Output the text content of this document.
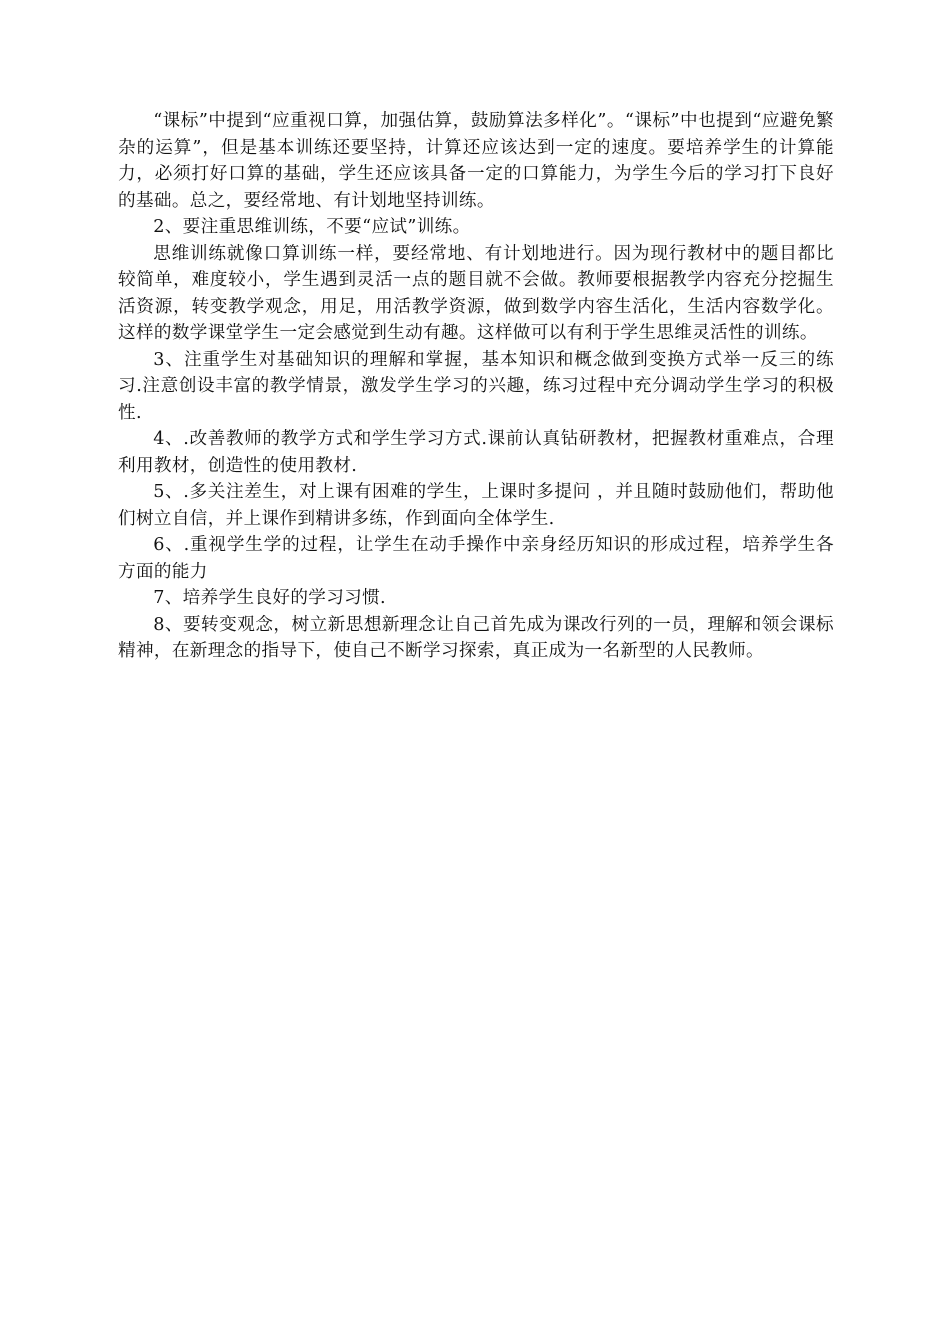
“课标”中提到“应重视口算，加强估算，鼓励算法多样化”。“课标”中也提到“应避免繁杂的运算”，但是基本训练还要坚持，计算还应该达到一定的速度。要培养学生的计算能力，必须打好口算的基础，学生还应该具备一定的口算能力，为学生今后的学习打下良好的基础。总之，要经常地、有计划地坚持训练。

2、要注重思维训练，不要“应试”训练。

思维训练就像口算训练一样，要经常地、有计划地进行。因为现行教材中的题目都比较简单，难度较小，学生遇到灵活一点的题目就不会做。教师要根据教学内容充分挖掘生活资源，转变教学观念，用足，用活教学资源，做到数学内容生活化，生活内容数学化。这样的数学课堂学生一定会感觉到生动有趣。这样做可以有利于学生思维灵活性的训练。

3、注重学生对基础知识的理解和掌握，基本知识和概念做到变换方式举一反三的练习.注意创设丰富的教学情景，激发学生学习的兴趣，练习过程中充分调动学生学习的积极性.

4、.改善教师的教学方式和学生学习方式.课前认真钻研教材，把握教材重难点，合理利用教材，创造性的使用教材.

5、.多关注差生，对上课有困难的学生，上课时多提问 ，并且随时鼓励他们，帮助他们树立自信，并上课作到精讲多练，作到面向全体学生.

6、.重视学生学的过程，让学生在动手操作中亲身经历知识的形成过程，培养学生各方面的能力

7、培养学生良好的学习习惯.

8、要转变观念，树立新思想新理念让自己首先成为课改行列的一员，理解和领会课标精神，在新理念的指导下，使自己不断学习探索，真正成为一名新型的人民教师。
